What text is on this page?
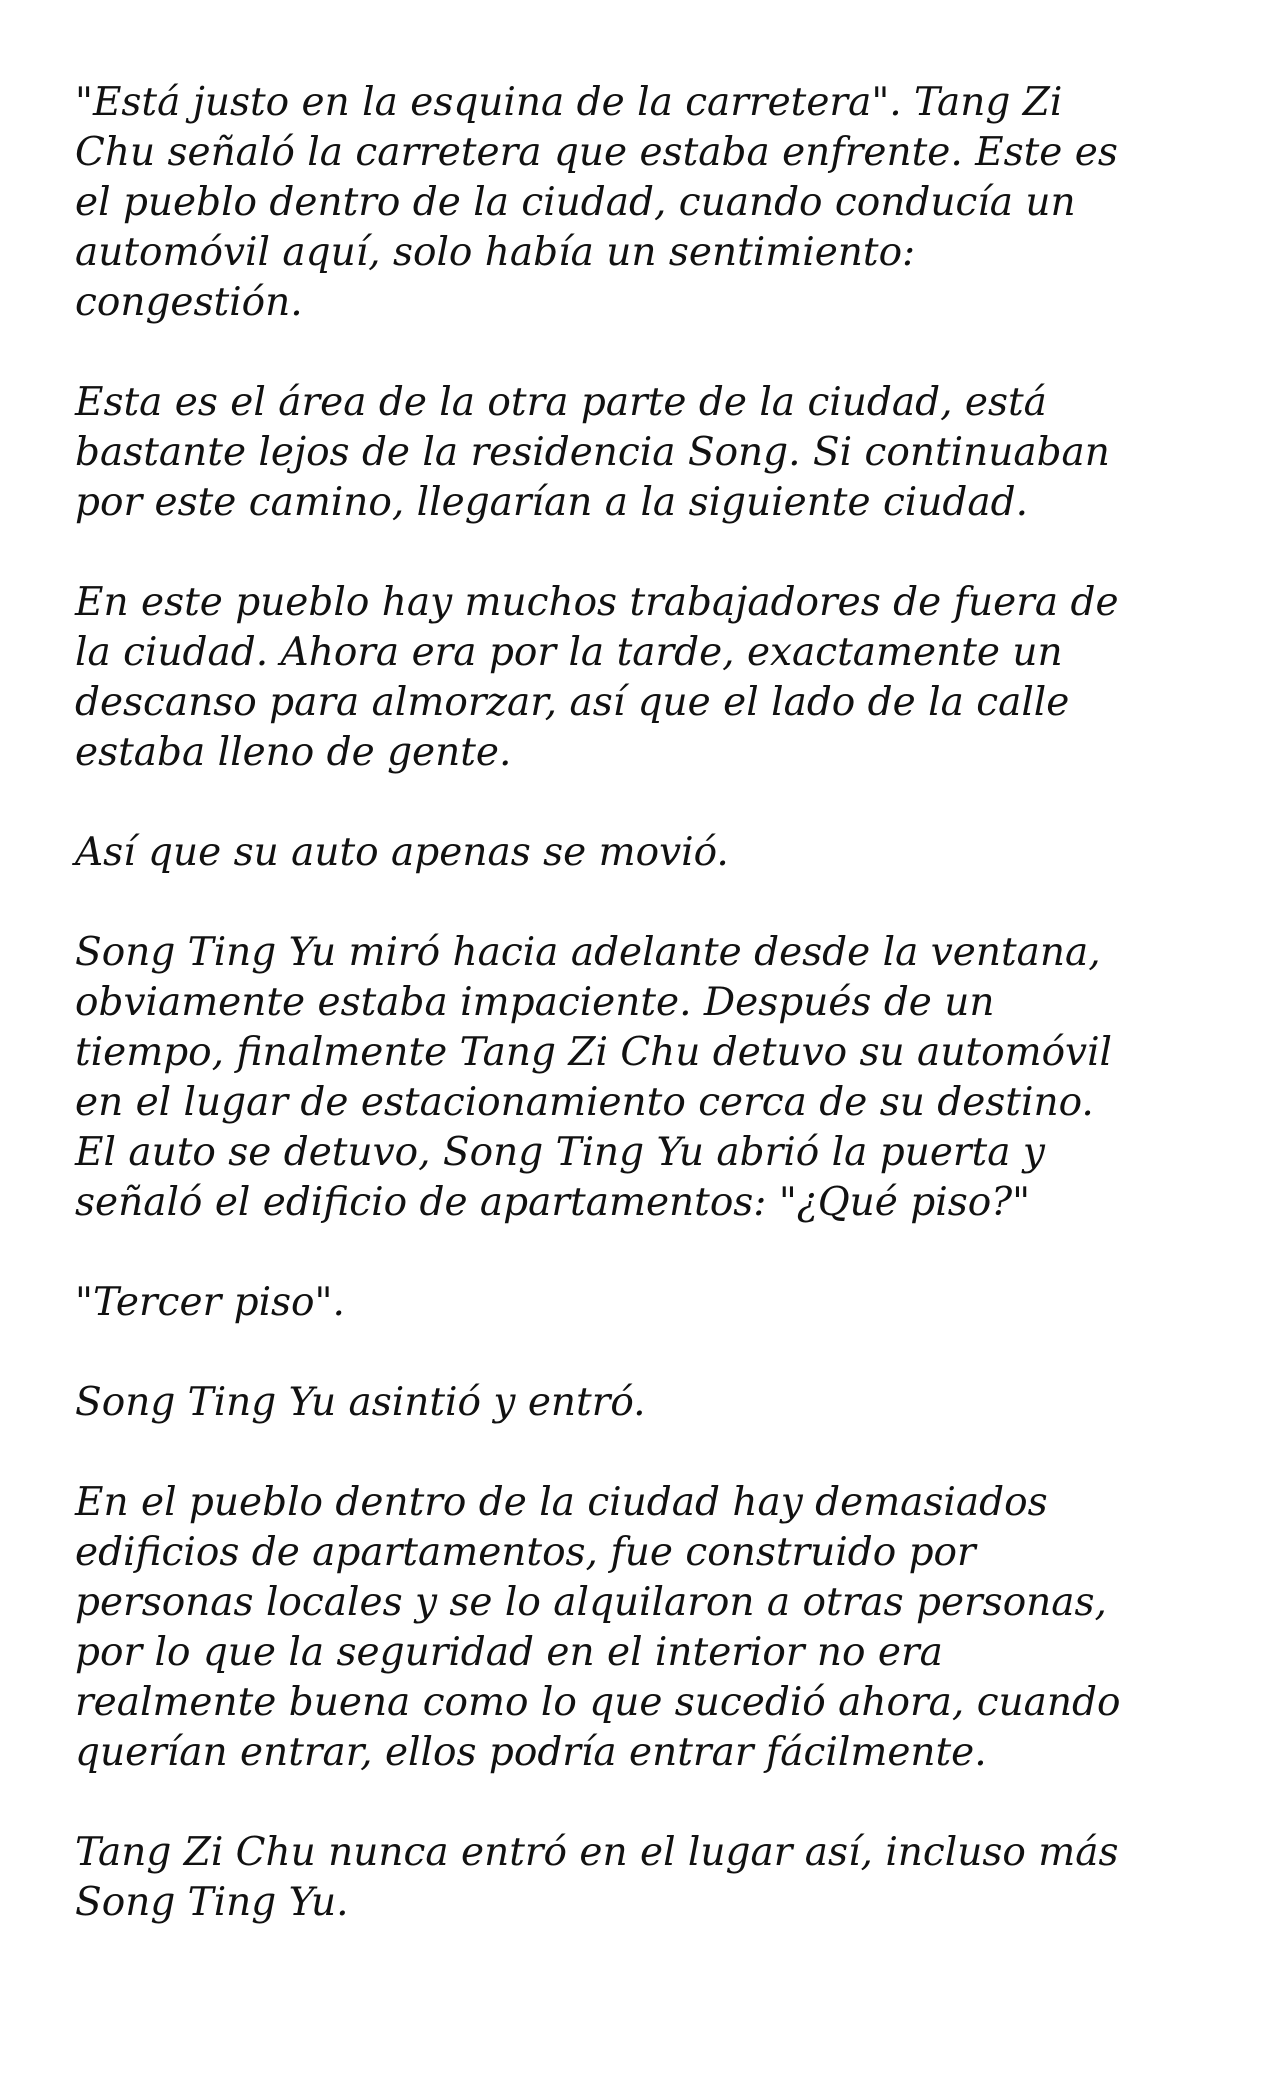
"Está justo en la esquina de la carretera". Tang Zi
Chu señaló la carretera que estaba enfrente. Este es
el pueblo dentro de la ciudad, cuando conducía un
automóvil aquí, solo había un sentimiento:
congestión.

Esta es el área de la otra parte de la ciudad, está
bastante lejos de la residencia Song. Si continuaban
por este camino, llegarían a la siguiente ciudad.

En este pueblo hay muchos trabajadores de fuera de
la ciudad. Ahora era por la tarde, exactamente un
descanso para almorzar, así que el lado de la calle
estaba lleno de gente.

Así que su auto apenas se movió.

Song Ting Yu miró hacia adelante desde la ventana,
obviamente estaba impaciente. Después de un
tiempo, finalmente Tang Zi Chu detuvo su automóvil
en el lugar de estacionamiento cerca de su destino.
El auto se detuvo, Song Ting Yu abrió la puerta y
señaló el edificio de apartamentos: "¿Qué piso?"

"Tercer piso".

Song Ting Yu asintió y entró.

En el pueblo dentro de la ciudad hay demasiados
edificios de apartamentos, fue construido por
personas locales y se lo alquilaron a otras personas,
por lo que la seguridad en el interior no era
realmente buena como lo que sucedió ahora, cuando
querían entrar, ellos podría entrar fácilmente.

Tang Zi Chu nunca entró en el lugar así, incluso más
Song Ting Yu.
